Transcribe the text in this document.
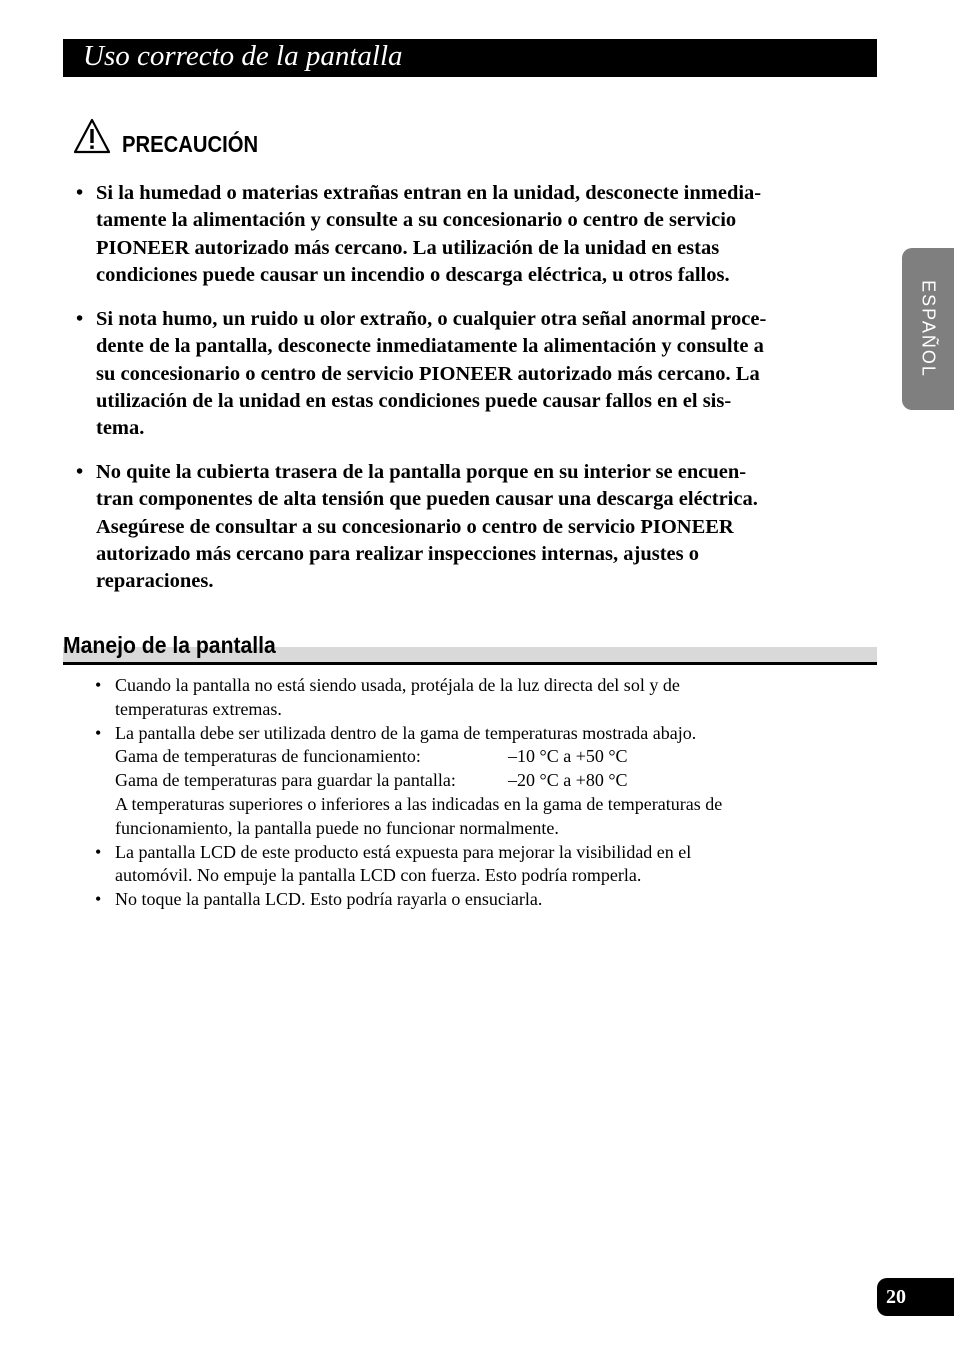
Uso correcto de la pantalla
PRECAUCIÓN
• Si la humedad o materias extrañas entran en la unidad, desconecte inmedia-
tamente la alimentación y consulte a su concesionario o centro de servicio
PIONEER autorizado más cercano. La utilización de la unidad en estas
condiciones puede causar un incendio o descarga eléctrica, u otros fallos.
• Si nota humo, un ruido u olor extraño, o cualquier otra señal anormal proce-
dente de la pantalla, desconecte inmediatamente la alimentación y consulte a
su concesionario o centro de servicio PIONEER autorizado más cercano. La
utilización de la unidad en estas condiciones puede causar fallos en el sis-
tema.
• No quite la cubierta trasera de la pantalla porque en su interior se encuen-
tran componentes de alta tensión que pueden causar una descarga eléctrica.
Asegúrese de consultar a su concesionario o centro de servicio PIONEER
autorizado más cercano para realizar inspecciones internas, ajustes o
reparaciones.
Manejo de la pantalla
• Cuando la pantalla no está siendo usada, protéjala de la luz directa del sol y de
temperaturas extremas.
• La pantalla debe ser utilizada dentro de la gama de temperaturas mostrada abajo.
Gama de temperaturas de funcionamiento:	–10 °C a +50 °C
Gama de temperaturas para guardar la pantalla:	–20 °C a +80 °C
A temperaturas superiores o inferiores a las indicadas en la gama de temperaturas de
funcionamiento, la pantalla puede no funcionar normalmente.
• La pantalla LCD de este producto está expuesta para mejorar la visibilidad en el
automóvil. No empuje la pantalla LCD con fuerza. Esto podría romperla.
• No toque la pantalla LCD. Esto podría rayarla o ensuciarla.
ESPAÑOL
20
